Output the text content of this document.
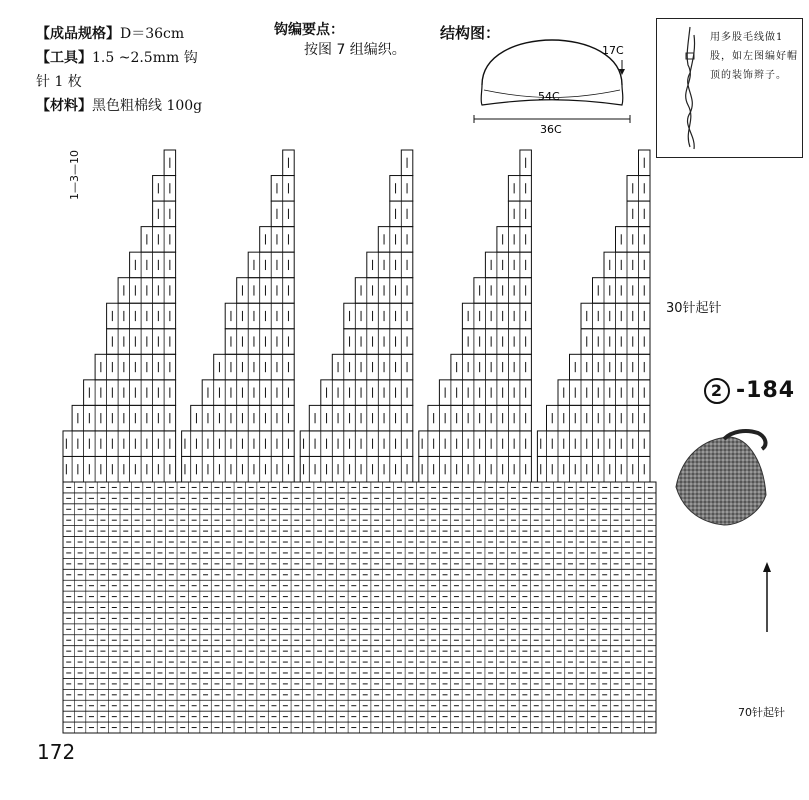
【成品规格】D＝36cm
【工具】1.5 ~2.5mm 钩
针 1 枚
【材料】黑色粗棉线 100g
钩编要点：
按图 7 组编织。
结构图：
17C
54C
36C
用多股毛线做1股，如左图编好帽顶的装饰辫子。
1—3—10
30针起针
70针起针
2 -184
172
